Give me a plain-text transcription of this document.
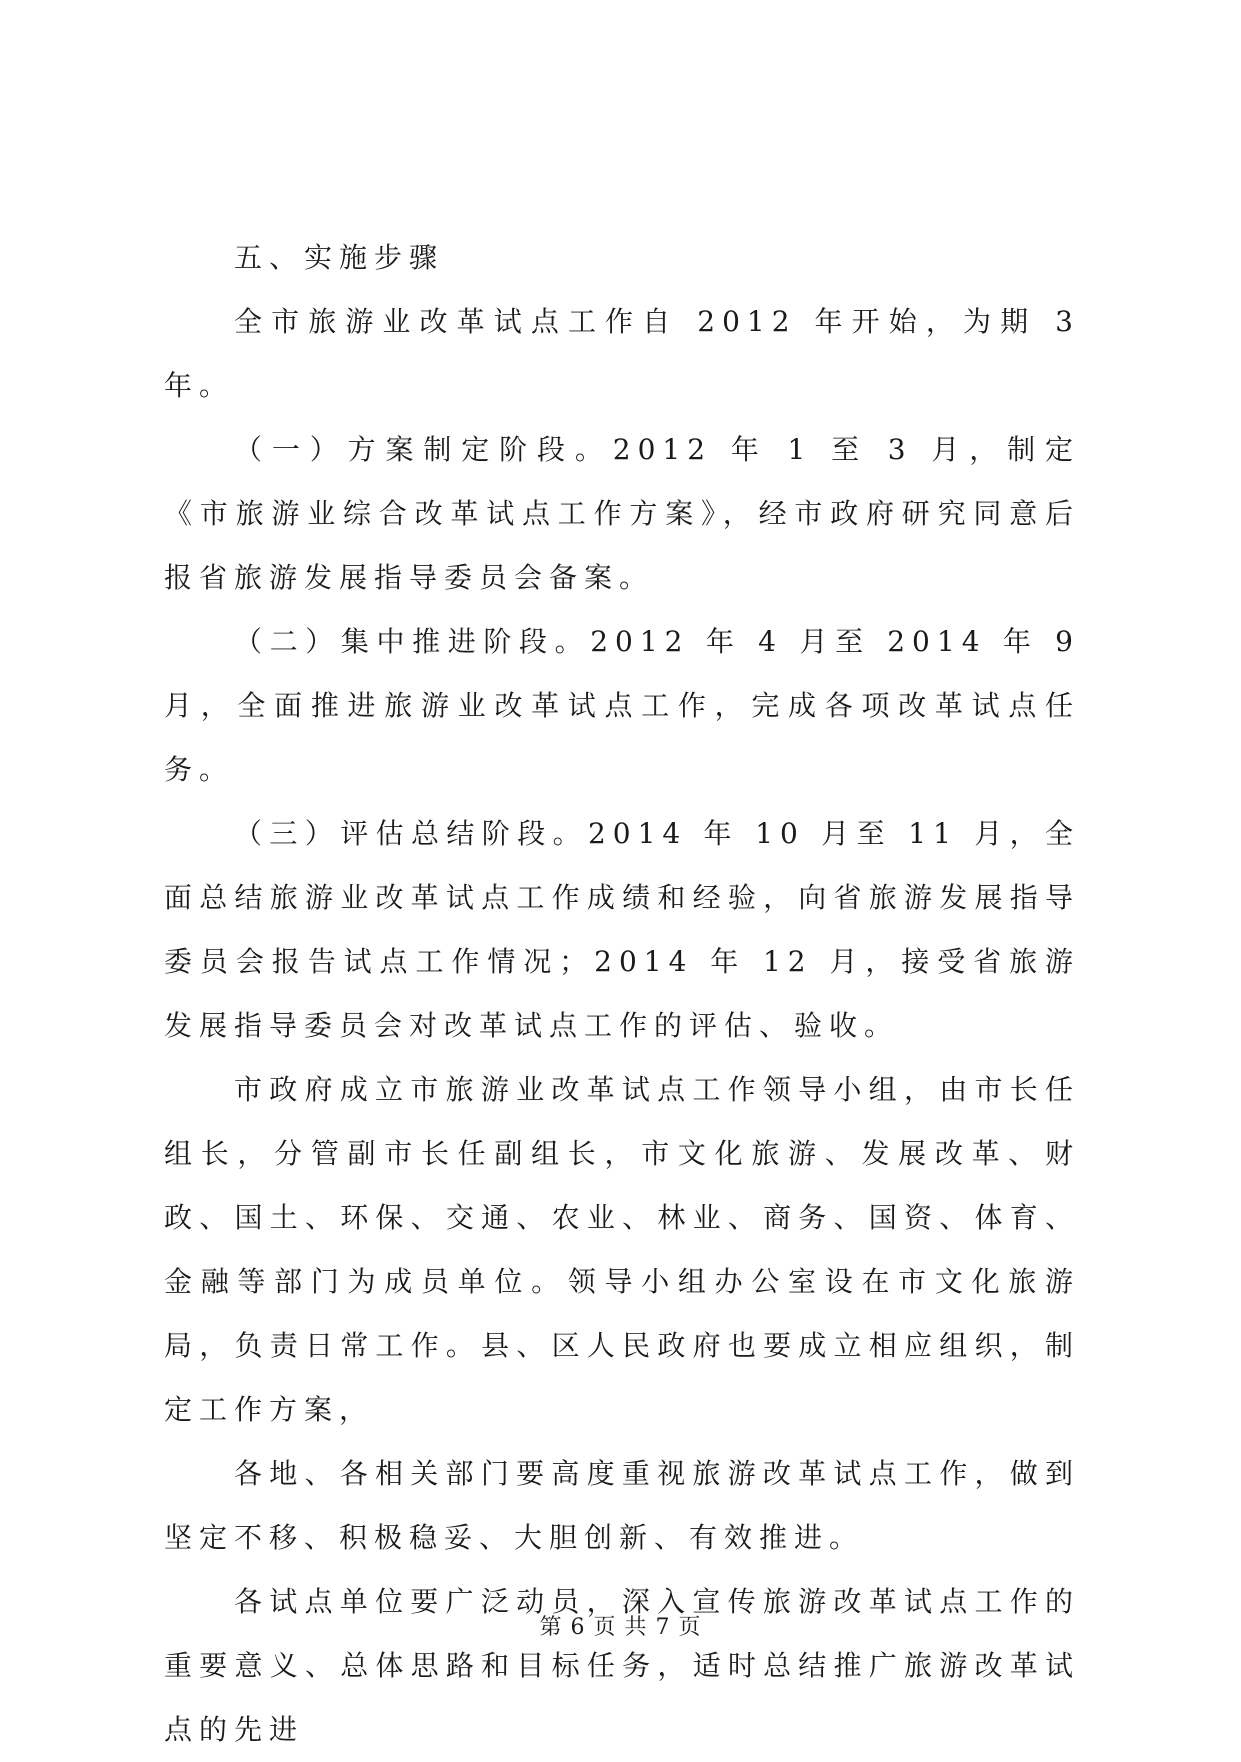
五、实施步骤

全市旅游业改革试点工作自 2012 年开始，为期 3 年。

（一）方案制定阶段。2012 年 1 至 3 月，制定《市旅游业综合改革试点工作方案》，经市政府研究同意后报省旅游发展指导委员会备案。

（二）集中推进阶段。2012 年 4 月至 2014 年 9 月，全面推进旅游业改革试点工作，完成各项改革试点任务。

（三）评估总结阶段。2014 年 10 月至 11 月，全面总结旅游业改革试点工作成绩和经验，向省旅游发展指导委员会报告试点工作情况；2014 年 12 月，接受省旅游发展指导委员会对改革试点工作的评估、验收。

市政府成立市旅游业改革试点工作领导小组，由市长任组长，分管副市长任副组长，市文化旅游、发展改革、财政、国土、环保、交通、农业、林业、商务、国资、体育、金融等部门为成员单位。领导小组办公室设在市文化旅游局，负责日常工作。县、区人民政府也要成立相应组织，制定工作方案，

各地、各相关部门要高度重视旅游改革试点工作，做到坚定不移、积极稳妥、大胆创新、有效推进。

各试点单位要广泛动员，深入宣传旅游改革试点工作的重要意义、总体思路和目标任务，适时总结推广旅游改革试点的先进

第 6 页 共 7 页
